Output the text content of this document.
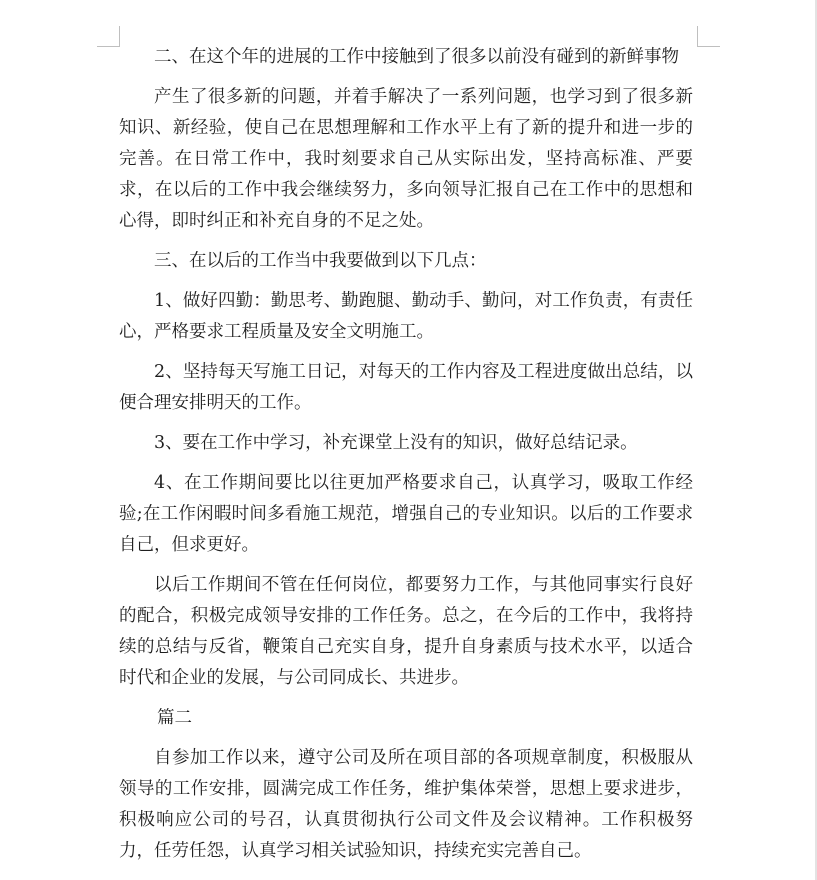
二、在这个年的进展的工作中接触到了很多以前没有碰到的新鲜事物

产生了很多新的问题，并着手解决了一系列问题，也学习到了很多新知识、新经验，使自己在思想理解和工作水平上有了新的提升和进一步的完善。在日常工作中，我时刻要求自己从实际出发，坚持高标准、严要求，在以后的工作中我会继续努力，多向领导汇报自己在工作中的思想和心得，即时纠正和补充自身的不足之处。

三、在以后的工作当中我要做到以下几点：

1、做好四勤：勤思考、勤跑腿、勤动手、勤问，对工作负责，有责任心，严格要求工程质量及安全文明施工。

2、坚持每天写施工日记，对每天的工作内容及工程进度做出总结，以便合理安排明天的工作。

3、要在工作中学习，补充课堂上没有的知识，做好总结记录。

4、在工作期间要比以往更加严格要求自己，认真学习，吸取工作经验;在工作闲暇时间多看施工规范，增强自己的专业知识。以后的工作要求自己，但求更好。

以后工作期间不管在任何岗位，都要努力工作，与其他同事实行良好的配合，积极完成领导安排的工作任务。总之，在今后的工作中，我将持续的总结与反省，鞭策自己充实自身，提升自身素质与技术水平，以适合时代和企业的发展，与公司同成长、共进步。

篇二

自参加工作以来，遵守公司及所在项目部的各项规章制度，积极服从领导的工作安排，圆满完成工作任务，维护集体荣誉，思想上要求进步，积极响应公司的号召，认真贯彻执行公司文件及会议精神。工作积极努力，任劳任怨，认真学习相关试验知识，持续充实完善自己。
